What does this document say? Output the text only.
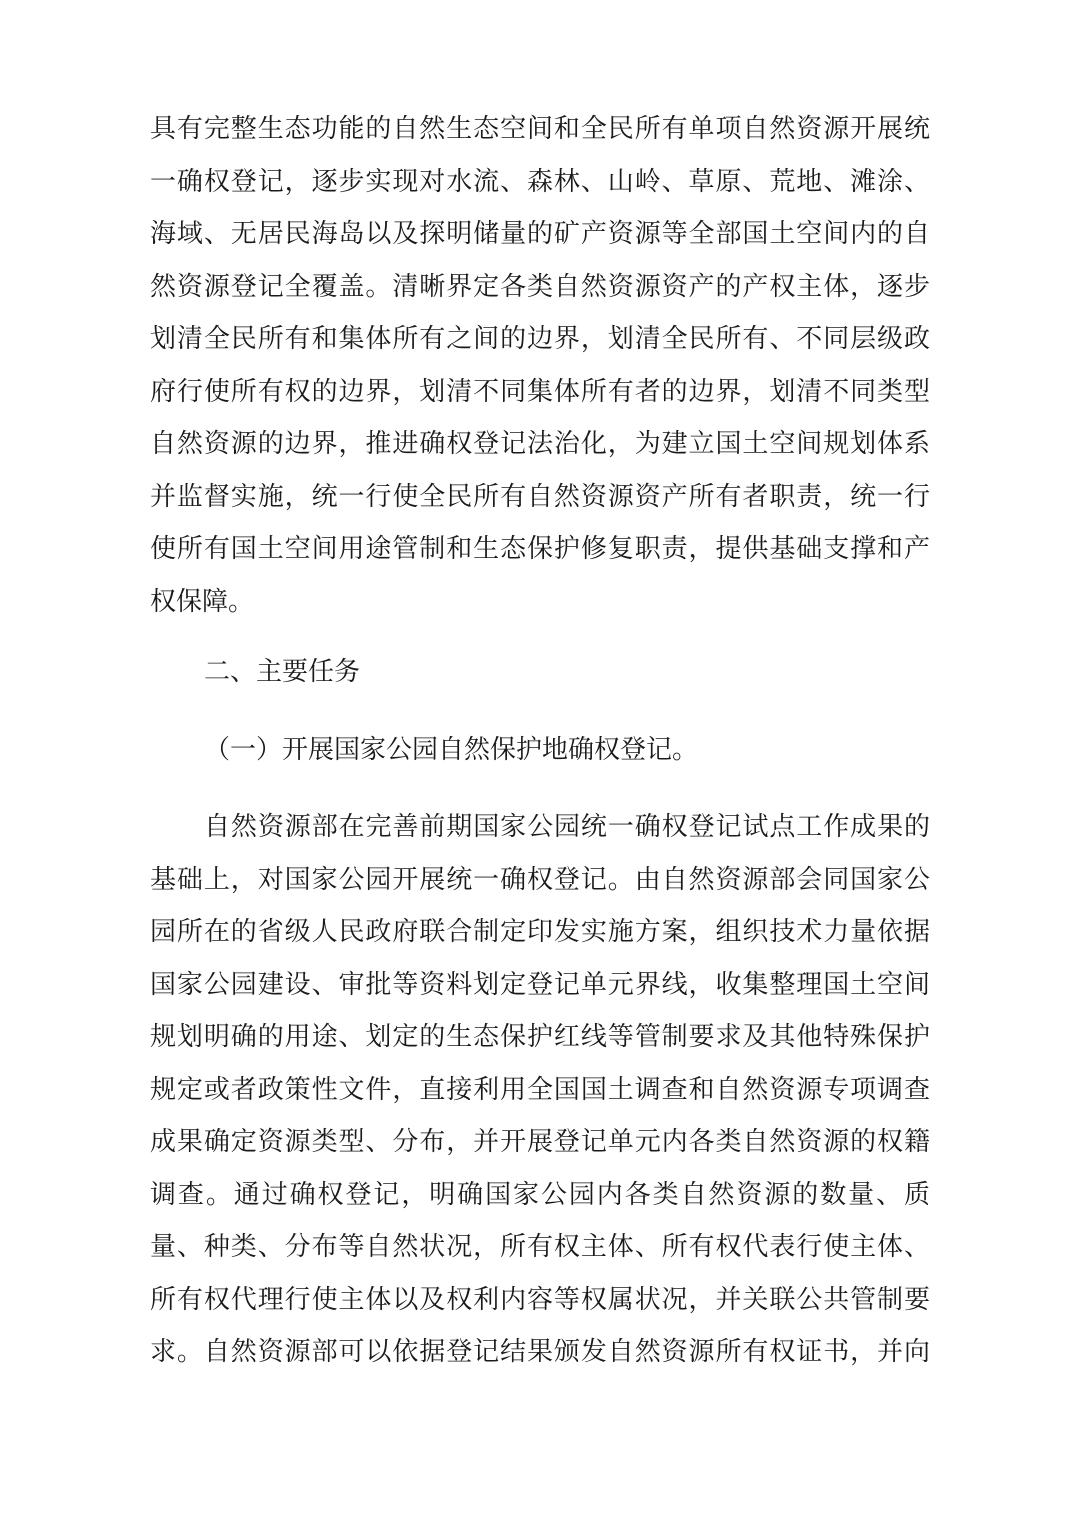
具有完整生态功能的自然生态空间和全民所有单项自然资源开展统
一确权登记，逐步实现对水流、森林、山岭、草原、荒地、滩涂、
海域、无居民海岛以及探明储量的矿产资源等全部国土空间内的自
然资源登记全覆盖。清晰界定各类自然资源资产的产权主体，逐步
划清全民所有和集体所有之间的边界，划清全民所有、不同层级政
府行使所有权的边界，划清不同集体所有者的边界，划清不同类型
自然资源的边界，推进确权登记法治化，为建立国土空间规划体系
并监督实施，统一行使全民所有自然资源资产所有者职责，统一行
使所有国土空间用途管制和生态保护修复职责，提供基础支撑和产
权保障。
二、主要任务
（一）开展国家公园自然保护地确权登记。
自然资源部在完善前期国家公园统一确权登记试点工作成果的
基础上，对国家公园开展统一确权登记。由自然资源部会同国家公
园所在的省级人民政府联合制定印发实施方案，组织技术力量依据
国家公园建设、审批等资料划定登记单元界线，收集整理国土空间
规划明确的用途、划定的生态保护红线等管制要求及其他特殊保护
规定或者政策性文件，直接利用全国国土调查和自然资源专项调查
成果确定资源类型、分布，并开展登记单元内各类自然资源的权籍
调查。通过确权登记，明确国家公园内各类自然资源的数量、质
量、种类、分布等自然状况，所有权主体、所有权代表行使主体、
所有权代理行使主体以及权利内容等权属状况，并关联公共管制要
求。自然资源部可以依据登记结果颁发自然资源所有权证书，并向
